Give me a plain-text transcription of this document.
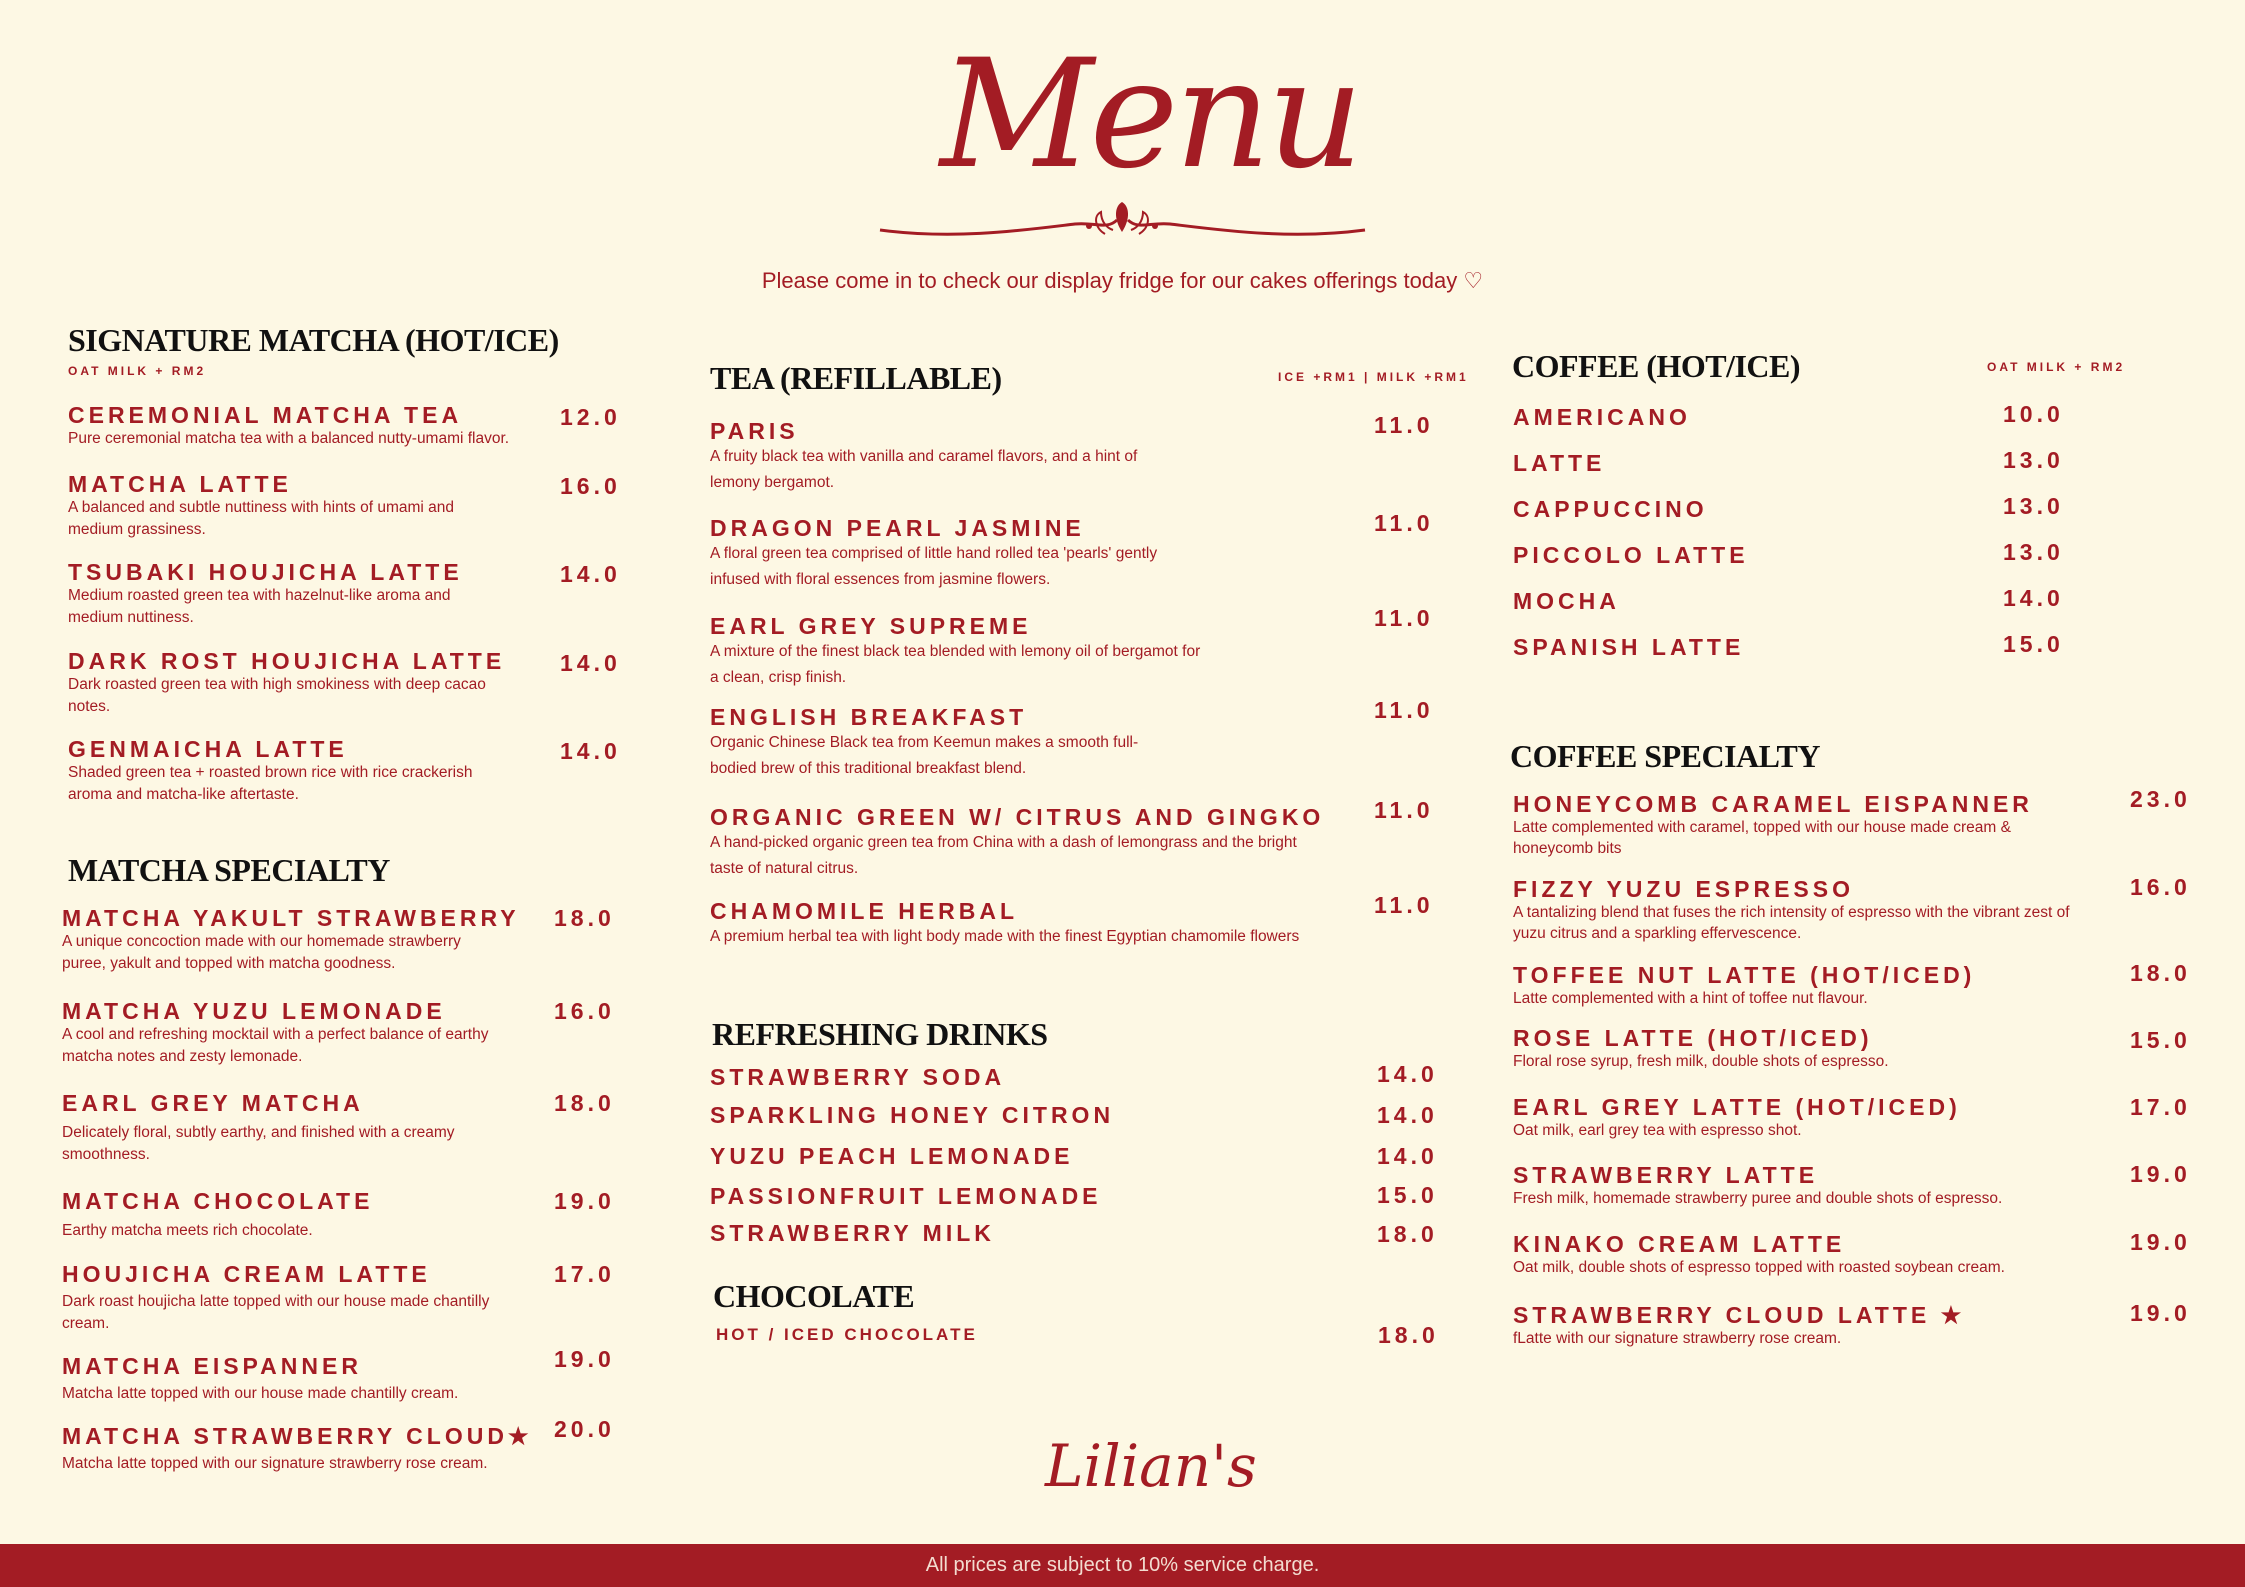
Menu
Please come in to check our display fridge for our cakes offerings today ♡
SIGNATURE MATCHA (HOT/ICE)
OAT MILK + RM2
CEREMONIAL MATCHA TEA
Pure ceremonial matcha tea with a balanced nutty-umami flavor.
12.0
MATCHA LATTE
A balanced and subtle nuttiness with hints of umami and medium grassiness.
16.0
TSUBAKI HOUJICHA LATTE
Medium roasted green tea with hazelnut-like aroma and medium nuttiness.
14.0
DARK ROST HOUJICHA LATTE
Dark roasted green tea with high smokiness with deep cacao notes.
14.0
GENMAICHA LATTE
Shaded green tea + roasted brown rice with rice crackerish aroma and matcha-like aftertaste.
14.0
MATCHA SPECIALTY
MATCHA YAKULT STRAWBERRY
A unique concoction made with our homemade strawberry puree, yakult and topped with matcha goodness.
18.0
MATCHA YUZU LEMONADE
A cool and refreshing mocktail with a perfect balance of earthy matcha notes and zesty lemonade.
16.0
EARL GREY MATCHA
Delicately floral, subtly earthy, and finished with a creamy smoothness.
18.0
MATCHA CHOCOLATE
Earthy matcha meets rich chocolate.
19.0
HOUJICHA CREAM LATTE
Dark roast houjicha latte topped with our house made chantilly cream.
17.0
MATCHA EISPANNER
Matcha latte topped with our house made chantilly cream.
19.0
MATCHA STRAWBERRY CLOUD★
Matcha latte topped with our signature strawberry rose cream.
20.0
TEA (REFILLABLE)	ICE +RM1 | MILK +RM1
PARIS
A fruity black tea with vanilla and caramel flavors, and a hint of lemony bergamot.
11.0
DRAGON PEARL JASMINE
A floral green tea comprised of little hand rolled tea 'pearls' gently infused with floral essences from jasmine flowers.
11.0
EARL GREY SUPREME
A mixture of the finest black tea blended with lemony oil of bergamot for a clean, crisp finish.
11.0
ENGLISH BREAKFAST
Organic Chinese Black tea from Keemun makes a smooth full-bodied brew of this traditional breakfast blend.
11.0
ORGANIC GREEN W/ CITRUS AND GINGKO
A hand-picked organic green tea from China with a dash of lemongrass and the bright taste of natural citrus.
11.0
CHAMOMILE HERBAL
A premium herbal tea with light body made with the finest Egyptian chamomile flowers
11.0
REFRESHING DRINKS
STRAWBERRY SODA	14.0
SPARKLING HONEY CITRON	14.0
YUZU PEACH LEMONADE	14.0
PASSIONFRUIT LEMONADE	15.0
STRAWBERRY MILK	18.0
CHOCOLATE
HOT / ICED CHOCOLATE	18.0
COFFEE (HOT/ICE)	OAT MILK + RM2
AMERICANO	10.0
LATTE	13.0
CAPPUCCINO	13.0
PICCOLO LATTE	13.0
MOCHA	14.0
SPANISH LATTE	15.0
COFFEE SPECIALTY
HONEYCOMB CARAMEL EISPANNER
Latte complemented with caramel, topped with our house made cream & honeycomb bits
23.0
FIZZY YUZU ESPRESSO
A tantalizing blend that fuses the rich intensity of espresso with the vibrant zest of yuzu citrus and a sparkling effervescence.
16.0
TOFFEE NUT LATTE (HOT/ICED)
Latte complemented with a hint of toffee nut flavour.
18.0
ROSE LATTE (HOT/ICED)
Floral rose syrup, fresh milk, double shots of espresso.
15.0
EARL GREY LATTE (HOT/ICED)
Oat milk, earl grey tea with espresso shot.
17.0
STRAWBERRY LATTE
Fresh milk, homemade strawberry puree and double shots of espresso.
19.0
KINAKO CREAM LATTE
Oat milk, double shots of espresso topped with roasted soybean cream.
19.0
STRAWBERRY CLOUD LATTE ★
fLatte with our signature strawberry rose cream.
19.0
Lilian's
All prices are subject to 10% service charge.
